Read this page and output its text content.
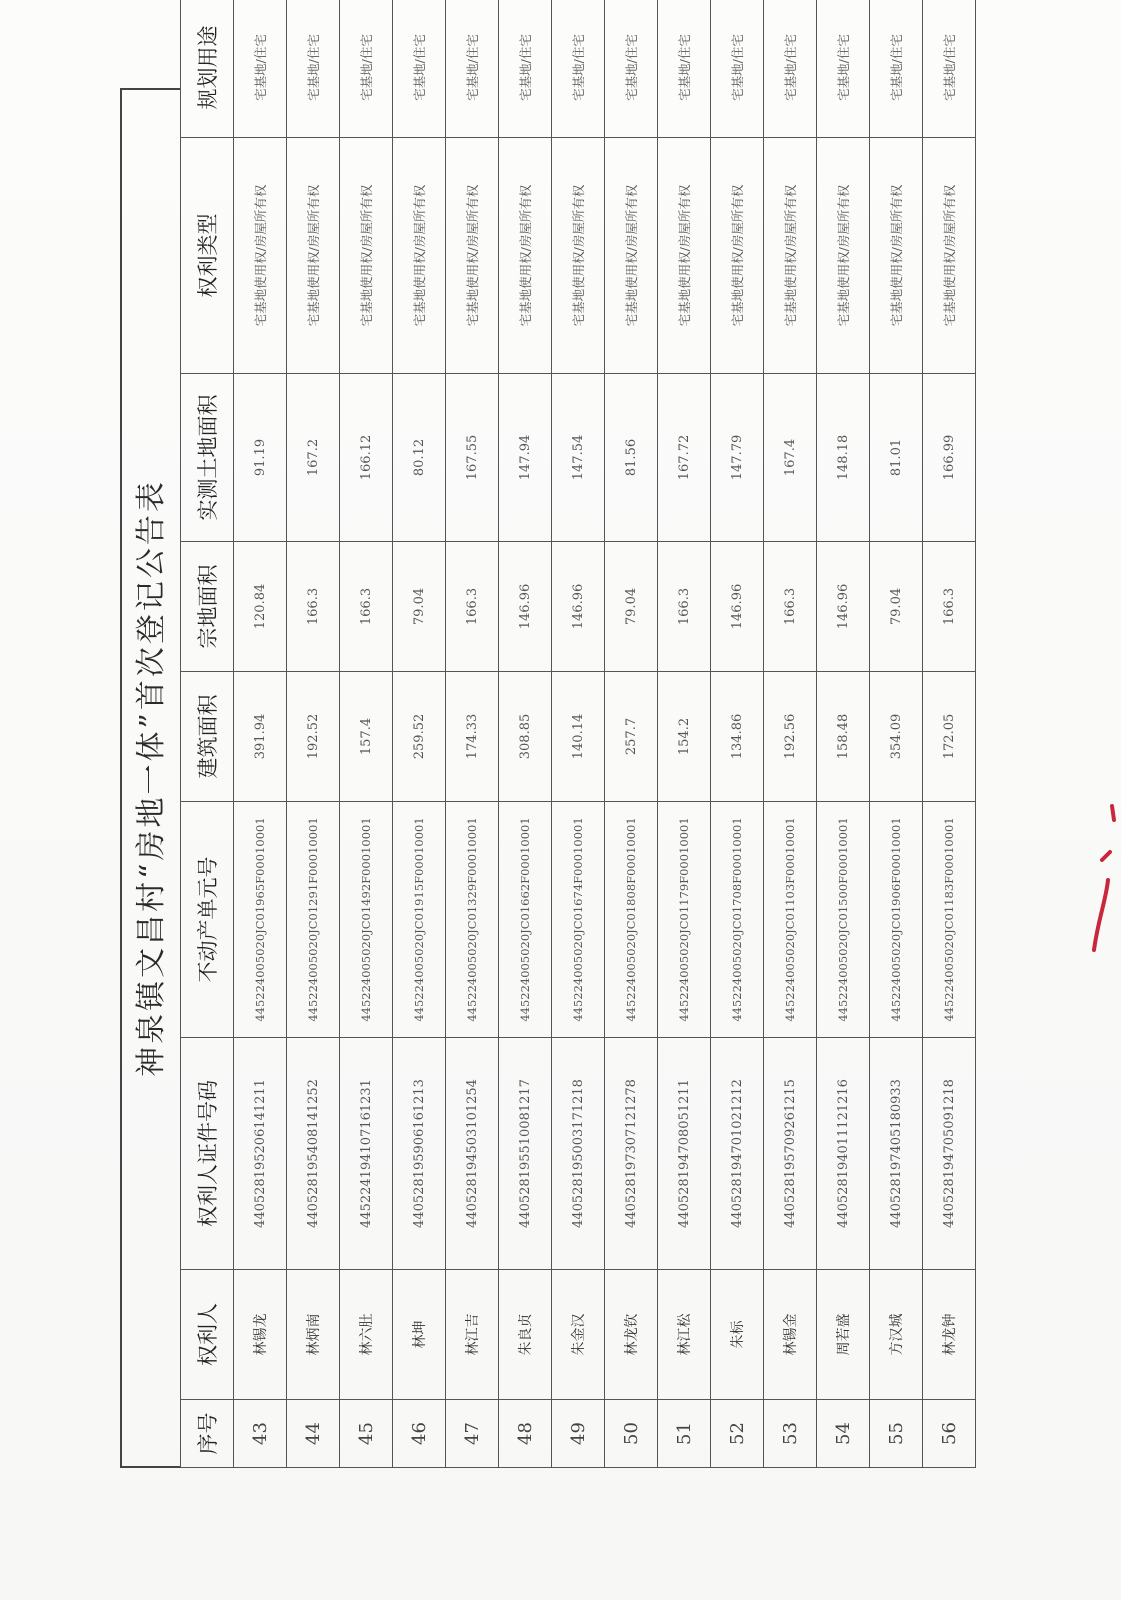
神泉镇文昌村“房地一体”首次登记公告表
序号	权利人	权利人证件号码	不动产单元号	建筑面积	宗地面积	实测土地面积	权利类型	规划用途
43	林锡龙	440528195206141211	445224005020JC01965F00010001	391.94	120.84	91.19	宅基地使用权/房屋所有权	宅基地/住宅
44	林炳南	440528195408141252	445224005020JC01291F00010001	192.52	166.3	167.2	宅基地使用权/房屋所有权	宅基地/住宅
45	林六肚	445224194107161231	445224005020JC01492F00010001	157.4	166.3	166.12	宅基地使用权/房屋所有权	宅基地/住宅
46	林坤	440528195906161213	445224005020JC01915F00010001	259.52	79.04	80.12	宅基地使用权/房屋所有权	宅基地/住宅
47	林江吉	440528194503101254	445224005020JC01329F00010001	174.33	166.3	167.55	宅基地使用权/房屋所有权	宅基地/住宅
48	朱良贞	440528195510081217	445224005020JC01662F00010001	308.85	146.96	147.94	宅基地使用权/房屋所有权	宅基地/住宅
49	朱金汉	440528195003171218	445224005020JC01674F00010001	140.14	146.96	147.54	宅基地使用权/房屋所有权	宅基地/住宅
50	林龙钦	440528197307121278	445224005020JC01808F00010001	257.7	79.04	81.56	宅基地使用权/房屋所有权	宅基地/住宅
51	林江松	440528194708051211	445224005020JC01179F00010001	154.2	166.3	167.72	宅基地使用权/房屋所有权	宅基地/住宅
52	朱标	440528194701021212	445224005020JC01708F00010001	134.86	146.96	147.79	宅基地使用权/房屋所有权	宅基地/住宅
53	林锡金	440528195709261215	445224005020JC01103F00010001	192.56	166.3	167.4	宅基地使用权/房屋所有权	宅基地/住宅
54	周若盛	440528194011121216	445224005020JC01500F00010001	158.48	146.96	148.18	宅基地使用权/房屋所有权	宅基地/住宅
55	方汉城	440528197405180933	445224005020JC01906F00010001	354.09	79.04	81.01	宅基地使用权/房屋所有权	宅基地/住宅
56	林龙钟	440528194705091218	445224005020JC01183F00010001	172.05	166.3	166.99	宅基地使用权/房屋所有权	宅基地/住宅
